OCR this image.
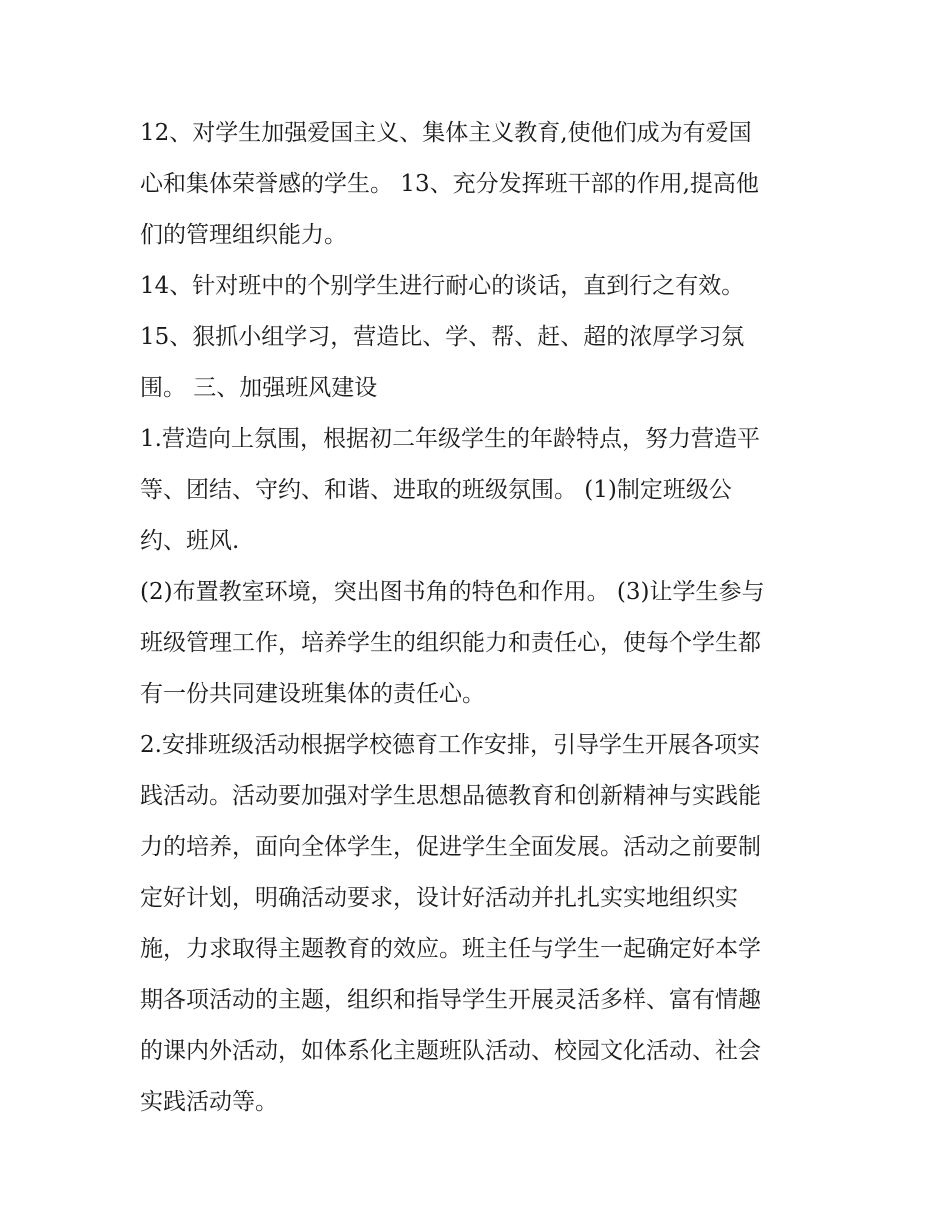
12、对学生加强爱国主义、集体主义教育,使他们成为有爱国
心和集体荣誉感的学生。 13、充分发挥班干部的作用,提高他
们的管理组织能力。
14、针对班中的个别学生进行耐心的谈话，直到行之有效。
15、狠抓小组学习，营造比、学、帮、赶、超的浓厚学习氛
围。 三、加强班风建设
1.营造向上氛围，根据初二年级学生的年龄特点，努力营造平
等、团结、守约、和谐、进取的班级氛围。 (1)制定班级公
约、班风.
(2)布置教室环境，突出图书角的特色和作用。 (3)让学生参与
班级管理工作，培养学生的组织能力和责任心，使每个学生都
有一份共同建设班集体的责任心。
2.安排班级活动根据学校德育工作安排，引导学生开展各项实
践活动。活动要加强对学生思想品德教育和创新精神与实践能
力的培养，面向全体学生，促进学生全面发展。活动之前要制
定好计划，明确活动要求，设计好活动并扎扎实实地组织实
施，力求取得主题教育的效应。班主任与学生一起确定好本学
期各项活动的主题，组织和指导学生开展灵活多样、富有情趣
的课内外活动，如体系化主题班队活动、校园文化活动、社会
实践活动等。
